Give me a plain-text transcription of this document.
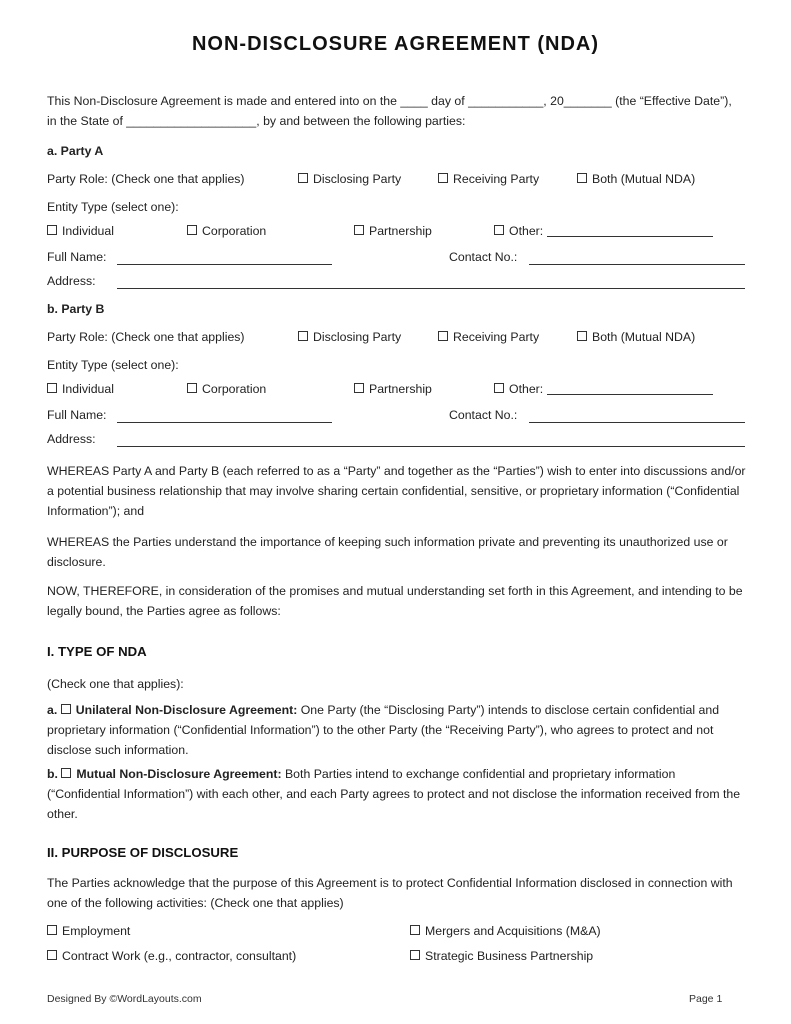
NON-DISCLOSURE AGREEMENT (NDA)
This Non-Disclosure Agreement is made and entered into on the ____ day of ___________, 20_______ (the “Effective Date”),
in the State of ___________________, by and between the following parties:
a. Party A
Party Role: (Check one that applies)	Disclosing Party	Receiving Party	Both (Mutual NDA)
Entity Type (select one):
Individual	Corporation	Partnership	Other:
Full Name:	Contact No.:
Address:
b. Party B
Party Role: (Check one that applies)	Disclosing Party	Receiving Party	Both (Mutual NDA)
Entity Type (select one):
Individual	Corporation	Partnership	Other:
Full Name:	Contact No.:
Address:
WHEREAS Party A and Party B (each referred to as a “Party” and together as the “Parties”) wish to enter into discussions and/or a potential business relationship that may involve sharing certain confidential, sensitive, or proprietary information (“Confidential Information”); and
WHEREAS the Parties understand the importance of keeping such information private and preventing its unauthorized use or disclosure.
NOW, THEREFORE, in consideration of the promises and mutual understanding set forth in this Agreement, and intending to be legally bound, the Parties agree as follows:
I. TYPE OF NDA
(Check one that applies):
a. Unilateral Non-Disclosure Agreement: One Party (the “Disclosing Party”) intends to disclose certain confidential and proprietary information (“Confidential Information”) to the other Party (the “Receiving Party”), who agrees to protect and not disclose such information.
b. Mutual Non-Disclosure Agreement: Both Parties intend to exchange confidential and proprietary information (“Confidential Information”) with each other, and each Party agrees to protect and not disclose the information received from the other.
II. PURPOSE OF DISCLOSURE
The Parties acknowledge that the purpose of this Agreement is to protect Confidential Information disclosed in connection with one of the following activities: (Check one that applies)
Employment	Mergers and Acquisitions (M&A)
Contract Work (e.g., contractor, consultant)	Strategic Business Partnership
Designed By ©WordLayouts.com	Page 1
